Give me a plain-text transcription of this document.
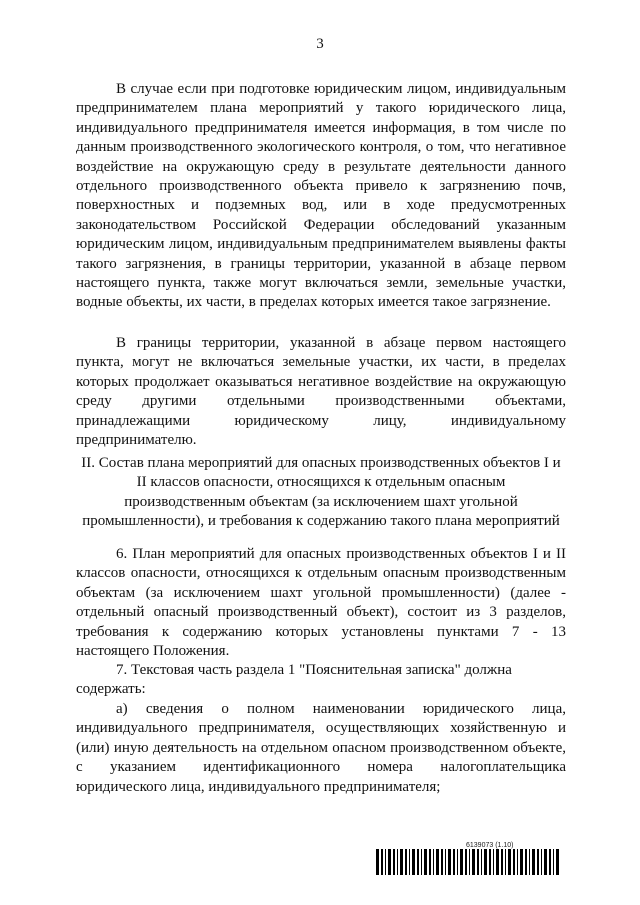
3

В случае если при подготовке юридическим лицом, индивидуальным предпринимателем плана мероприятий у такого юридического лица, индивидуального предпринимателя имеется информация, в том числе по данным производственного экологического контроля, о том, что негативное воздействие на окружающую среду в результате деятельности данного отдельного производственного объекта привело к загрязнению почв, поверхностных и подземных вод, или в ходе предусмотренных законодательством Российской Федерации обследований указанным юридическим лицом, индивидуальным предпринимателем выявлены факты такого загрязнения, в границы территории, указанной в абзаце первом настоящего пункта, также могут включаться земли, земельные участки, водные объекты, их части, в пределах которых имеется такое загрязнение.

В границы территории, указанной в абзаце первом настоящего пункта, могут не включаться земельные участки, их части, в пределах которых продолжает оказываться негативное воздействие на окружающую среду другими отдельными производственными объектами, принадлежащими юридическому лицу, индивидуальному предпринимателю.

II. Состав плана мероприятий для опасных производственных объектов I и II классов опасности, относящихся к отдельным опасным производственным объектам (за исключением шахт угольной промышленности), и требования к содержанию такого плана мероприятий

6. План мероприятий для опасных производственных объектов I и II классов опасности, относящихся к отдельным опасным производственным объектам (за исключением шахт угольной промышленности) (далее - отдельный опасный производственный объект), состоит из 3 разделов, требования к содержанию которых установлены пунктами 7 - 13 настоящего Положения.

7. Текстовая часть раздела 1 "Пояснительная записка" должна

содержать:

а) сведения о полном наименовании юридического лица, индивидуального предпринимателя, осуществляющих хозяйственную и (или) иную деятельность на отдельном опасном производственном объекте, с указанием идентификационного номера налогоплательщика юридического лица, индивидуального предпринимателя;

6139073 (1.10)
